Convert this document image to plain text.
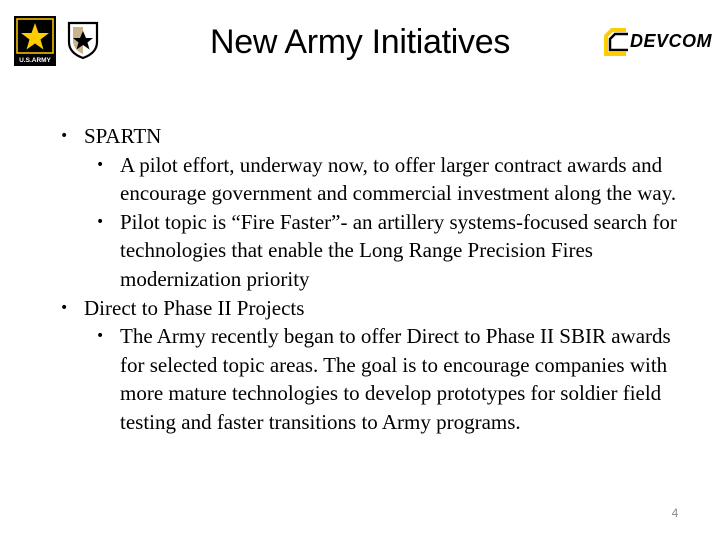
U.S.ARMY	New Army Initiatives	DEVCOM
• SPARTN
• A pilot effort, underway now, to offer larger contract awards and encourage government and commercial investment along the way.
• Pilot topic is “Fire Faster”- an artillery systems-focused search for technologies that enable the Long Range Precision Fires modernization priority
• Direct to Phase II Projects
• The Army recently began to offer Direct to Phase II SBIR awards for selected topic areas. The goal is to encourage companies with more mature technologies to develop prototypes for soldier field testing and faster transitions to Army programs.
4
